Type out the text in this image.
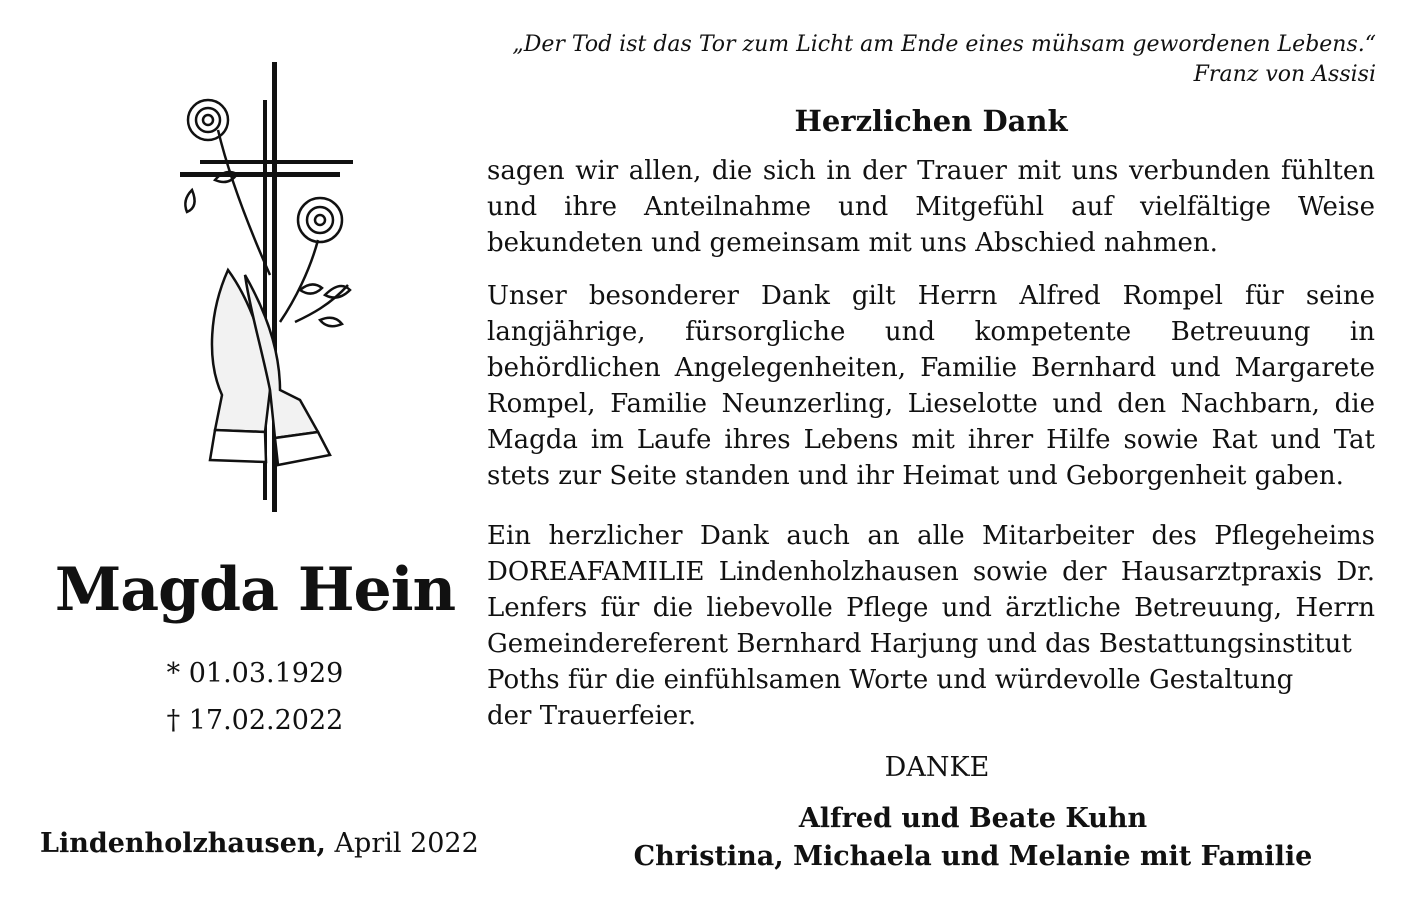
„Der Tod ist das Tor zum Licht am Ende eines mühsam gewordenen Lebens.“
Franz von Assisi
Magda Hein
* 01.03.1929
† 17.02.2022
Lindenholzhausen, April 2022
Herzlichen Dank

sagen wir allen, die sich in der Trauer mit uns verbunden fühlten und ihre Anteilnahme und Mitgefühl auf vielfältige Weise bekundeten und gemeinsam mit uns Abschied nahmen.

Unser besonderer Dank gilt Herrn Alfred Rompel für seine langjährige, fürsorgliche und kompetente Betreuung in behördlichen Angelegenheiten, Familie Bernhard und Margarete Rompel, Familie Neunzerling, Lieselotte und den Nachbarn, die Magda im Laufe ihres Lebens mit ihrer Hilfe sowie Rat und Tat stets zur Seite standen und ihr Heimat und Geborgenheit gaben.

Ein herzlicher Dank auch an alle Mitarbeiter des Pflegeheims DOREAFAMILIE Lindenholzhausen sowie der Hausarztpraxis Dr. Lenfers für die liebevolle Pflege und ärztliche Betreuung, Herrn Gemeindereferent Bernhard Harjung und das Bestattungsinstitut
Poths für die einfühlsamen Worte und würdevolle Gestaltung
der Trauerfeier.
DANKE
Alfred und Beate Kuhn
Christina, Michaela und Melanie mit Familie
